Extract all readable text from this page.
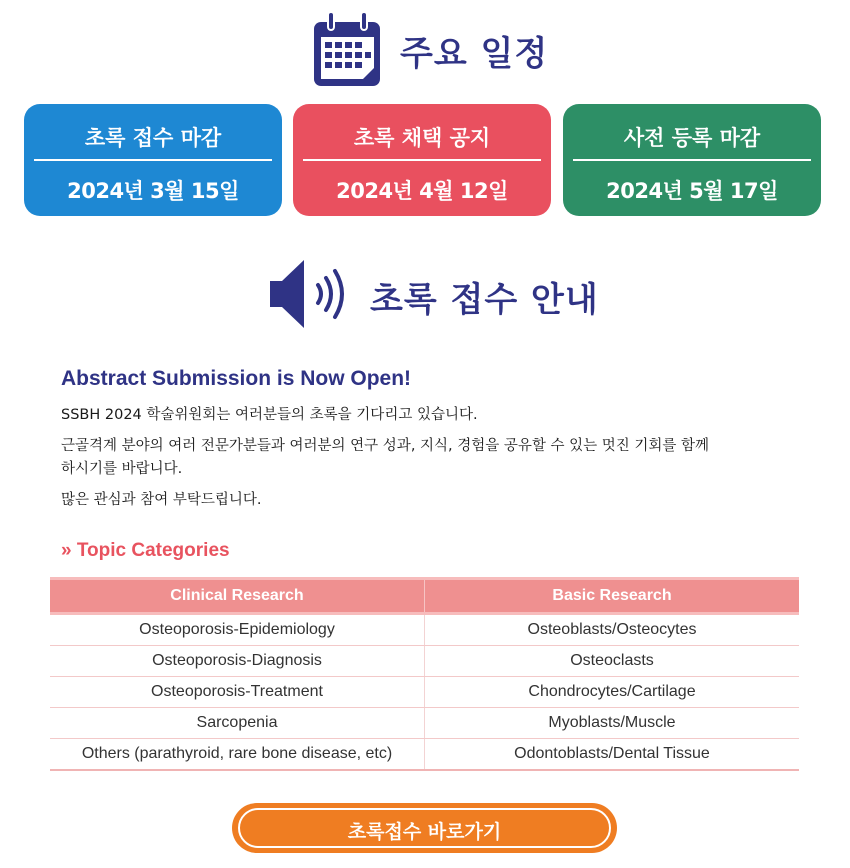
주요 일정
초록 접수 마감
2024년 3월 15일
초록 채택 공지
2024년 4월 12일
사전 등록 마감
2024년 5월 17일
초록 접수 안내
Abstract Submission is Now Open!
SSBH 2024 학술위원회는 여러분들의 초록을 기다리고 있습니다.
근골격계 분야의 여러 전문가분들과 여러분의 연구 성과, 지식, 경험을 공유할 수 있는 멋진 기회를 함께
하시기를 바랍니다.
많은 관심과 참여 부탁드립니다.
» Topic Categories
Clinical Research	Basic Research
Osteoporosis-Epidemiology	Osteoblasts/Osteocytes
Osteoporosis-Diagnosis	Osteoclasts
Osteoporosis-Treatment	Chondrocytes/Cartilage
Sarcopenia	Myoblasts/Muscle
Others (parathyroid, rare bone disease, etc)	Odontoblasts/Dental Tissue
초록접수 바로가기
